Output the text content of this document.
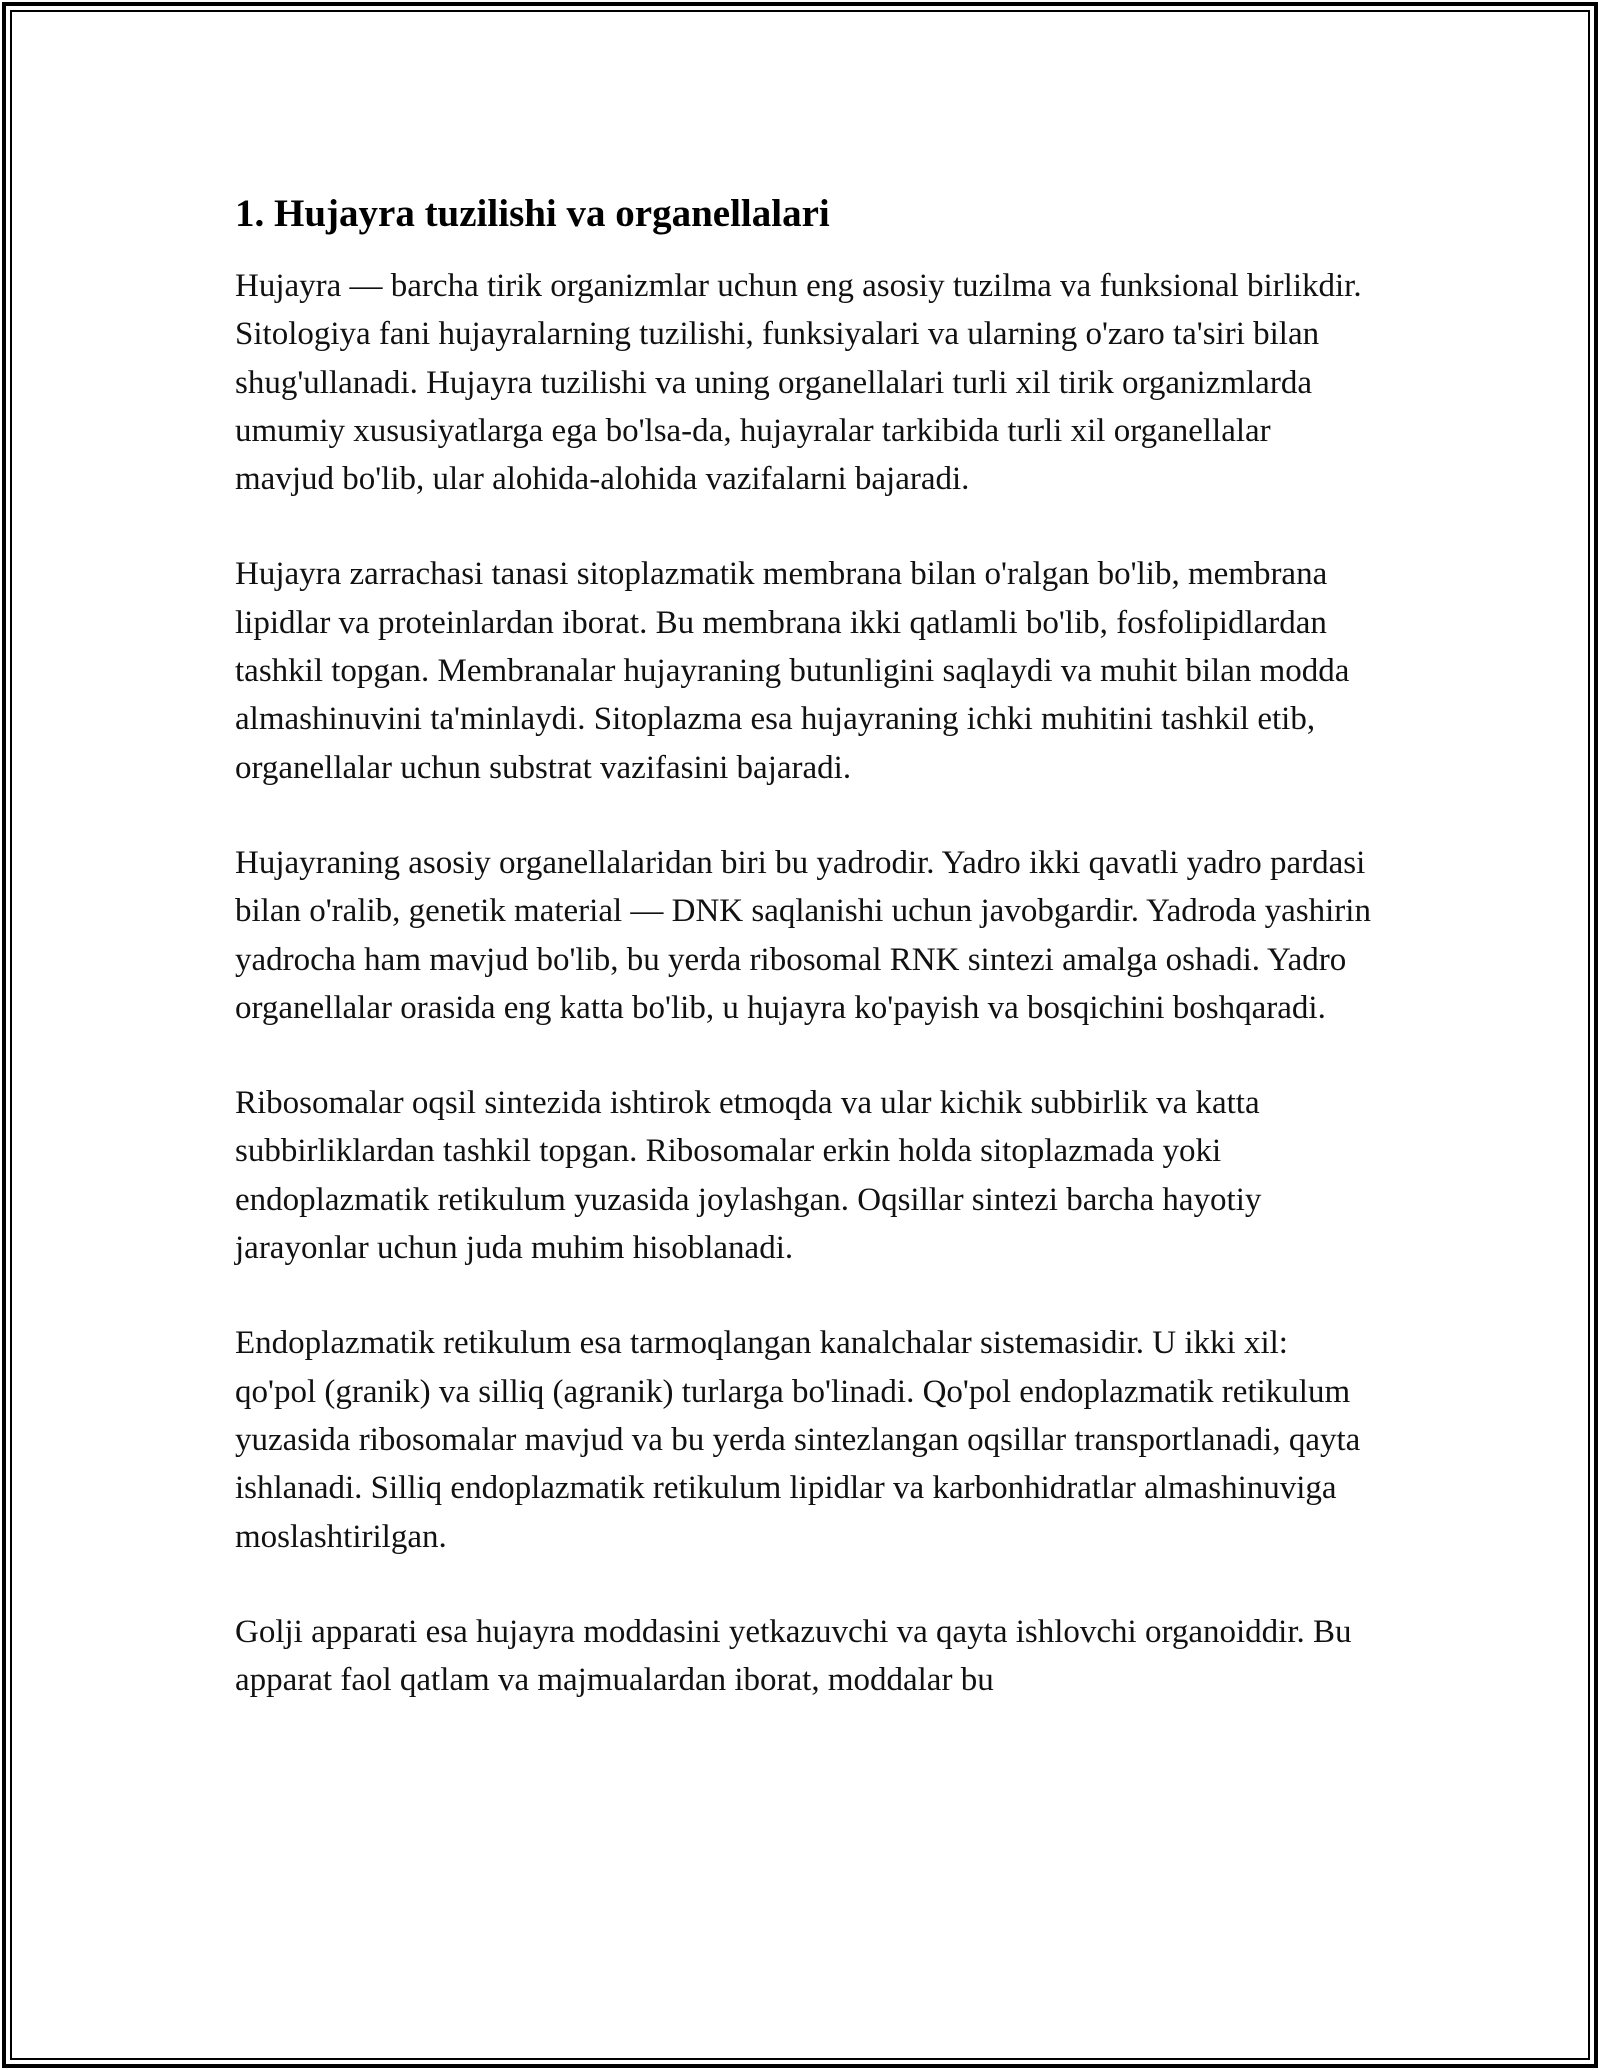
1. Hujayra tuzilishi va organellalari

Hujayra — barcha tirik organizmlar uchun eng asosiy tuzilma va funksional birlikdir. Sitologiya fani hujayralarning tuzilishi, funksiyalari va ularning o'zaro ta'siri bilan shug'ullanadi. Hujayra tuzilishi va uning organellalari turli xil tirik organizmlarda umumiy xususiyatlarga ega bo'lsa-da, hujayralar tarkibida turli xil organellalar mavjud bo'lib, ular alohida-alohida vazifalarni bajaradi.

Hujayra zarrachasi tanasi sitoplazmatik membrana bilan o'ralgan bo'lib, membrana lipidlar va proteinlardan iborat. Bu membrana ikki qatlamli bo'lib, fosfolipidlardan tashkil topgan. Membranalar hujayraning butunligini saqlaydi va muhit bilan modda almashinuvini ta'minlaydi. Sitoplazma esa hujayraning ichki muhitini tashkil etib, organellalar uchun substrat vazifasini bajaradi.

Hujayraning asosiy organellalaridan biri bu yadrodir. Yadro ikki qavatli yadro pardasi bilan o'ralib, genetik material — DNK saqlanishi uchun javobgardir. Yadroda yashirin yadrocha ham mavjud bo'lib, bu yerda ribosomal RNK sintezi amalga oshadi. Yadro organellalar orasida eng katta bo'lib, u hujayra ko'payish va bosqichini boshqaradi.

Ribosomalar oqsil sintezida ishtirok etmoqda va ular kichik subbirlik va katta subbirliklardan tashkil topgan. Ribosomalar erkin holda sitoplazmada yoki endoplazmatik retikulum yuzasida joylashgan. Oqsillar sintezi barcha hayotiy jarayonlar uchun juda muhim hisoblanadi.

Endoplazmatik retikulum esa tarmoqlangan kanalchalar sistemasidir. U ikki xil: qo'pol (granik) va silliq (agranik) turlarga bo'linadi. Qo'pol endoplazmatik retikulum yuzasida ribosomalar mavjud va bu yerda sintezlangan oqsillar transportlanadi, qayta ishlanadi. Silliq endoplazmatik retikulum lipidlar va karbonhidratlar almashinuviga moslashtirilgan.

Golji apparati esa hujayra moddasini yetkazuvchi va qayta ishlovchi organoiddir. Bu apparat faol qatlam va majmualardan iborat, moddalar bu
